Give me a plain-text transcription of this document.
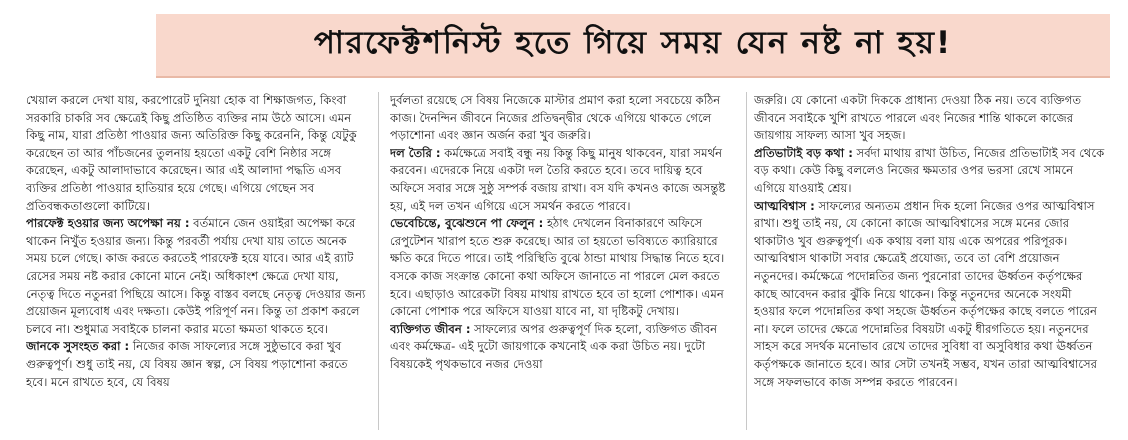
পারফেক্টশনিস্ট হতে গিয়ে সময় যেন নষ্ট না হয়!

খেয়াল করলে দেখা যায়, করপোরেট দুনিয়া হোক বা শিক্ষাজগত, কিংবা সরকারি চাকরি সব ক্ষেত্রেই কিছু প্রতিষ্ঠিত ব্যক্তির নাম উঠে আসে। এমন কিছু নাম, যারা প্রতিষ্ঠা পাওয়ার জন্য অতিরিক্ত কিছু করেননি, কিন্তু যেটুকু করেছেন তা আর পাঁচজনের তুলনায় হয়তো একটু বেশি নিষ্ঠার সঙ্গে করেছেন, একটু আলাদাভাবে করেছেন। আর এই আলাদা পদ্ধতি এসব ব্যক্তির প্রতিষ্ঠা পাওয়ার হাতিয়ার হয়ে গেছে। এগিয়ে গেছেন সব প্রতিবন্ধকতাগুলো কাটিয়ে।

পারফেক্ট হওয়ার জন্য অপেক্ষা নয় : বর্তমানে জেন ওয়াইরা অপেক্ষা করে থাকেন নিখুঁত হওয়ার জন্য। কিন্তু পরবর্তী পর্যায় দেখা যায় তাতে অনেক সময় চলে গেছে। কাজ করতে করতেই পারফেক্ট হয়ে যাবে। আর এই র‍্যাট রেসের সময় নষ্ট করার কোনো মানে নেই। অধিকাংশ ক্ষেত্রে দেখা যায়, নেতৃত্ব দিতে নতুনরা পিছিয়ে আসে। কিন্তু বাস্তব বলছে নেতৃত্ব দেওয়ার জন্য প্রয়োজন মূল্যবোধ এবং দক্ষতা। কেউই পরিপূর্ণ নন। কিন্তু তা প্রকাশ করলে চলবে না। শুধুমাত্র সবাইকে চালনা করার মতো ক্ষমতা থাকতে হবে।

জানকে সুসংহত করা : নিজের কাজ সাফল্যের সঙ্গে সুষ্ঠুভাবে করা খুব গুরুত্বপূর্ণ। শুধু তাই নয়, যে বিষয় জ্ঞান স্বল্প, সে বিষয় পড়াশোনা করতে হবে। মনে রাখতে হবে, যে বিষয়

দুর্বলতা রয়েছে সে বিষয় নিজেকে মাস্টার প্রমাণ করা হলো সবচেয়ে কঠিন কাজ। দৈনন্দিন জীবনে নিজের প্রতিদ্বন্দ্বীর থেকে এগিয়ে থাকতে গেলে পড়াশোনা এবং জ্ঞান অর্জন করা খুব জরুরি।

দল তৈরি : কর্মক্ষেত্রে সবাই বন্ধু নয় কিন্তু কিছু মানুষ থাকবেন, যারা সমর্থন করবেন। এদেরকে নিয়ে একটা দল তৈরি করতে হবে। তবে দায়িত্ব হবে অফিসে সবার সঙ্গে সুষ্ঠু সম্পর্ক বজায় রাখা। বস যদি কখনও কাজে অসন্তুষ্ট হয়, এই দল তখন এগিয়ে এসে সমর্থন করতে পারবে।

ভেবেচিন্তে, বুঝেশুনে পা ফেলুন : হঠাৎ দেখলেন বিনাকারণে অফিসে রেপুটেশন খারাপ হতে শুরু করেছে। আর তা হয়তো ভবিষ্যতে ক্যারিয়ারে ক্ষতি করে দিতে পারে। তাই পরিস্থিতি বুঝে ঠান্ডা মাথায় সিদ্ধান্ত নিতে হবে। বসকে কাজ সংক্রান্ত কোনো কথা অফিসে জানাতে না পারলে মেল করতে হবে। এছাড়াও আরেকটা বিষয় মাথায় রাখতে হবে তা হলো পোশাক। এমন কোনো পোশাক পরে অফিসে যাওয়া যাবে না, যা দৃষ্টিকটু দেখায়।

ব্যক্তিগত জীবন : সাফল্যের অপর গুরুত্বপূর্ণ দিক হলো, ব্যক্তিগত জীবন এবং কর্মক্ষেত্র- এই দুটো জায়গাকে কখনোই এক করা উচিত নয়। দুটো বিষয়কেই পৃথকভাবে নজর দেওয়া

জরুরি। যে কোনো একটা দিককে প্রাধান্য দেওয়া ঠিক নয়। তবে ব্যক্তিগত জীবনে সবাইকে খুশি রাখতে পারলে এবং নিজের শান্তি থাকলে কাজের জায়গায় সাফল্য আসা খুব সহজ।

প্রতিভাটাই বড় কথা : সর্বদা মাথায় রাখা উচিত, নিজের প্রতিভাটাই সব থেকে বড় কথা। কেউ কিছু বললেও নিজের ক্ষমতার ওপর ভরসা রেখে সামনে এগিয়ে যাওয়াই শ্রেয়।

আত্মবিশ্বাস : সাফল্যের অন্যতম প্রধান দিক হলো নিজের ওপর আত্মবিশ্বাস রাখা। শুধু তাই নয়, যে কোনো কাজে আত্মবিশ্বাসের সঙ্গে মনের জোর থাকাটাও খুব গুরুত্বপূর্ণ। এক কথায় বলা যায় একে অপরের পরিপূরক। আত্মবিশ্বাস থাকাটা সবার ক্ষেত্রেই প্রযোজ্য, তবে তা বেশি প্রয়োজন নতুনদের। কর্মক্ষেত্রে পদোন্নতির জন্য পুরনোরা তাদের ঊর্ধ্বতন কর্তৃপক্ষের কাছে আবেদন করার ঝুঁকি নিয়ে থাকেন। কিন্তু নতুনদের অনেকে সংযমী হওয়ার ফলে পদোন্নতির কথা সহজে ঊর্ধ্বতন কর্তৃপক্ষের কাছে বলতে পারেন না। ফলে তাদের ক্ষেত্রে পদোন্নতির বিষয়টা একটু ধীরগতিতে হয়। নতুনদের সাহস করে সদর্থক মনোভাব রেখে তাদের সুবিধা বা অসুবিধার কথা ঊর্ধ্বতন কর্তৃপক্ষকে জানাতে হবে। আর সেটা তখনই সম্ভব, যখন তারা আত্মবিশ্বাসের সঙ্গে সফলভাবে কাজ সম্পন্ন করতে পারবেন।
